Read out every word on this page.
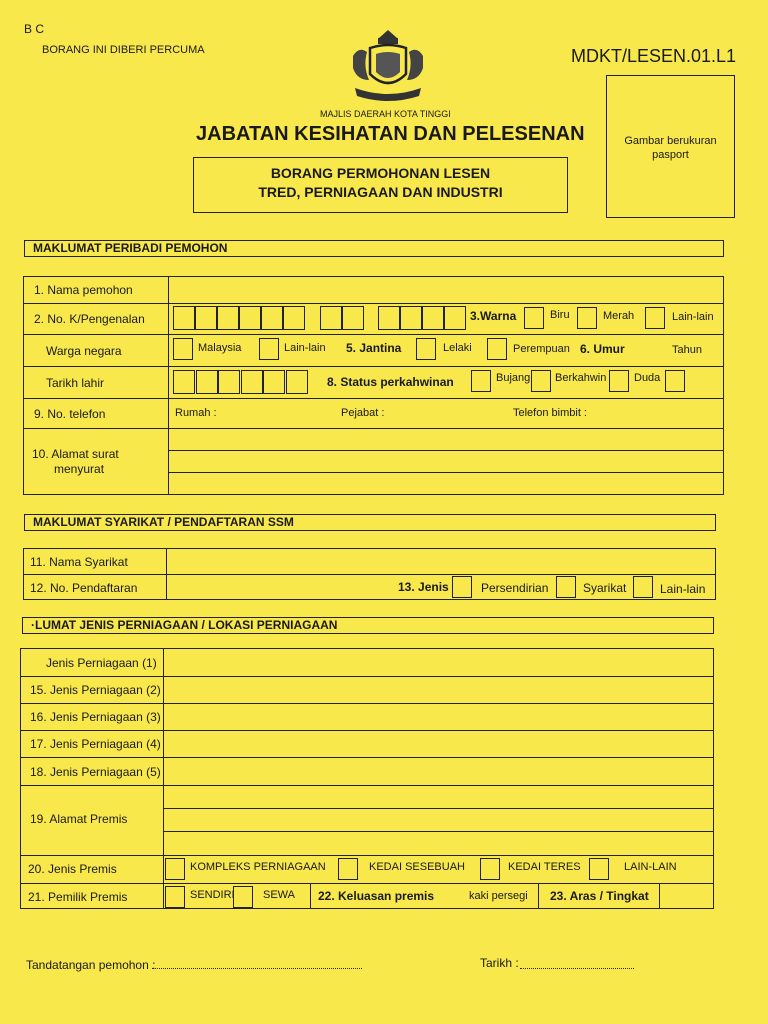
B C
BORANG INI DIBERI PERCUMA	MDKT/LESEN.01.L1
MAJLIS DAERAH KOTA TINGGI
JABATAN KESIHATAN DAN PELESENAN
BORANG PERMOHONAN LESEN
TRED, PERNIAGAAN DAN INDUSTRI
Gambar berukuran pasport
MAKLUMAT PERIBADI PEMOHON
1. Nama pemohon
2. No. K/Pengenalan	3.Warna	Biru	Merah	Lain-lain
Warga negara	Malaysia	Lain-lain 5. Jantina	Lelaki	Perempuan 6. Umur	Tahun
Tarikh lahir	8. Status perkahwinan	Bujang Berkahwin	Duda
9. No. telefon	Rumah :	Pejabat :	Telefon bimbit :
10. Alamat surat
menyurat
MAKLUMAT SYARIKAT / PENDAFTARAN SSM
11. Nama Syarikat
12. No. Pendaftaran	13. Jenis	Persendirian	Syarikat	Lain-lain
·LUMAT JENIS PERNIAGAAN / LOKASI PERNIAGAAN
Jenis Perniagaan (1)
15. Jenis Perniagaan (2)
16. Jenis Perniagaan (3)
17. Jenis Perniagaan (4)
18. Jenis Perniagaan (5)
19. Alamat Premis
20. Jenis Premis	KOMPLEKS PERNIAGAAN	KEDAI SESEBUAH	KEDAI TERES	LAIN-LAIN
21. Pemilik Premis	SENDIRI	SEWA 22. Keluasan premis	kaki persegi 23. Aras / Tingkat
Tandatangan pemohon :	Tarikh :
